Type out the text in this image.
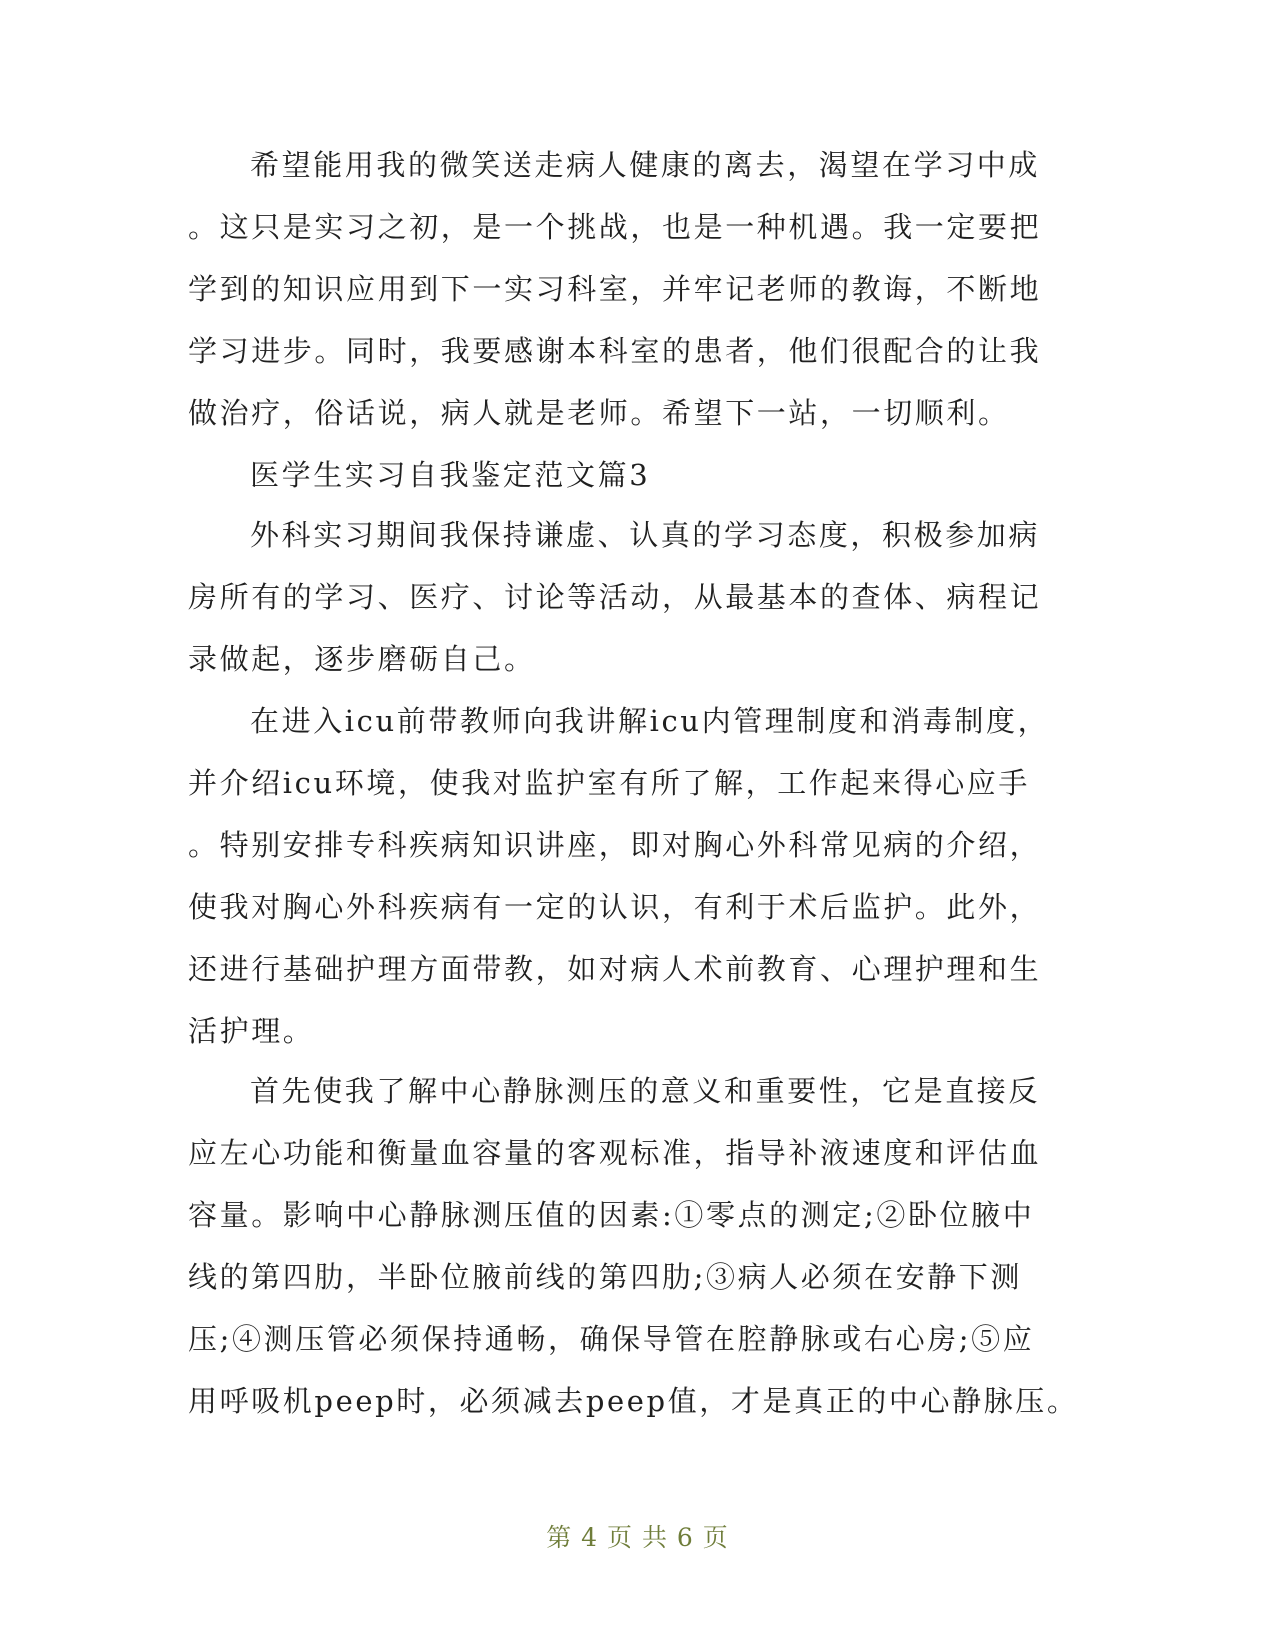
希望能用我的微笑送走病人健康的离去，渴望在学习中成
。这只是实习之初，是一个挑战，也是一种机遇。我一定要把
学到的知识应用到下一实习科室，并牢记老师的教诲，不断地
学习进步。同时，我要感谢本科室的患者，他们很配合的让我
做治疗，俗话说，病人就是老师。希望下一站，一切顺利。
医学生实习自我鉴定范文篇3
外科实习期间我保持谦虚、认真的学习态度，积极参加病
房所有的学习、医疗、讨论等活动，从最基本的查体、病程记
录做起，逐步磨砺自己。
在进入icu前带教师向我讲解icu内管理制度和消毒制度，
并介绍icu环境，使我对监护室有所了解，工作起来得心应手
。特别安排专科疾病知识讲座，即对胸心外科常见病的介绍，
使我对胸心外科疾病有一定的认识，有利于术后监护。此外，
还进行基础护理方面带教，如对病人术前教育、心理护理和生
活护理。
首先使我了解中心静脉测压的意义和重要性，它是直接反
应左心功能和衡量血容量的客观标准，指导补液速度和评估血
容量。影响中心静脉测压值的因素:①零点的测定;②卧位腋中
线的第四肋，半卧位腋前线的第四肋;③病人必须在安静下测
压;④测压管必须保持通畅，确保导管在腔静脉或右心房;⑤应
用呼吸机peep时，必须减去peep值，才是真正的中心静脉压。
第 4 页 共 6 页
